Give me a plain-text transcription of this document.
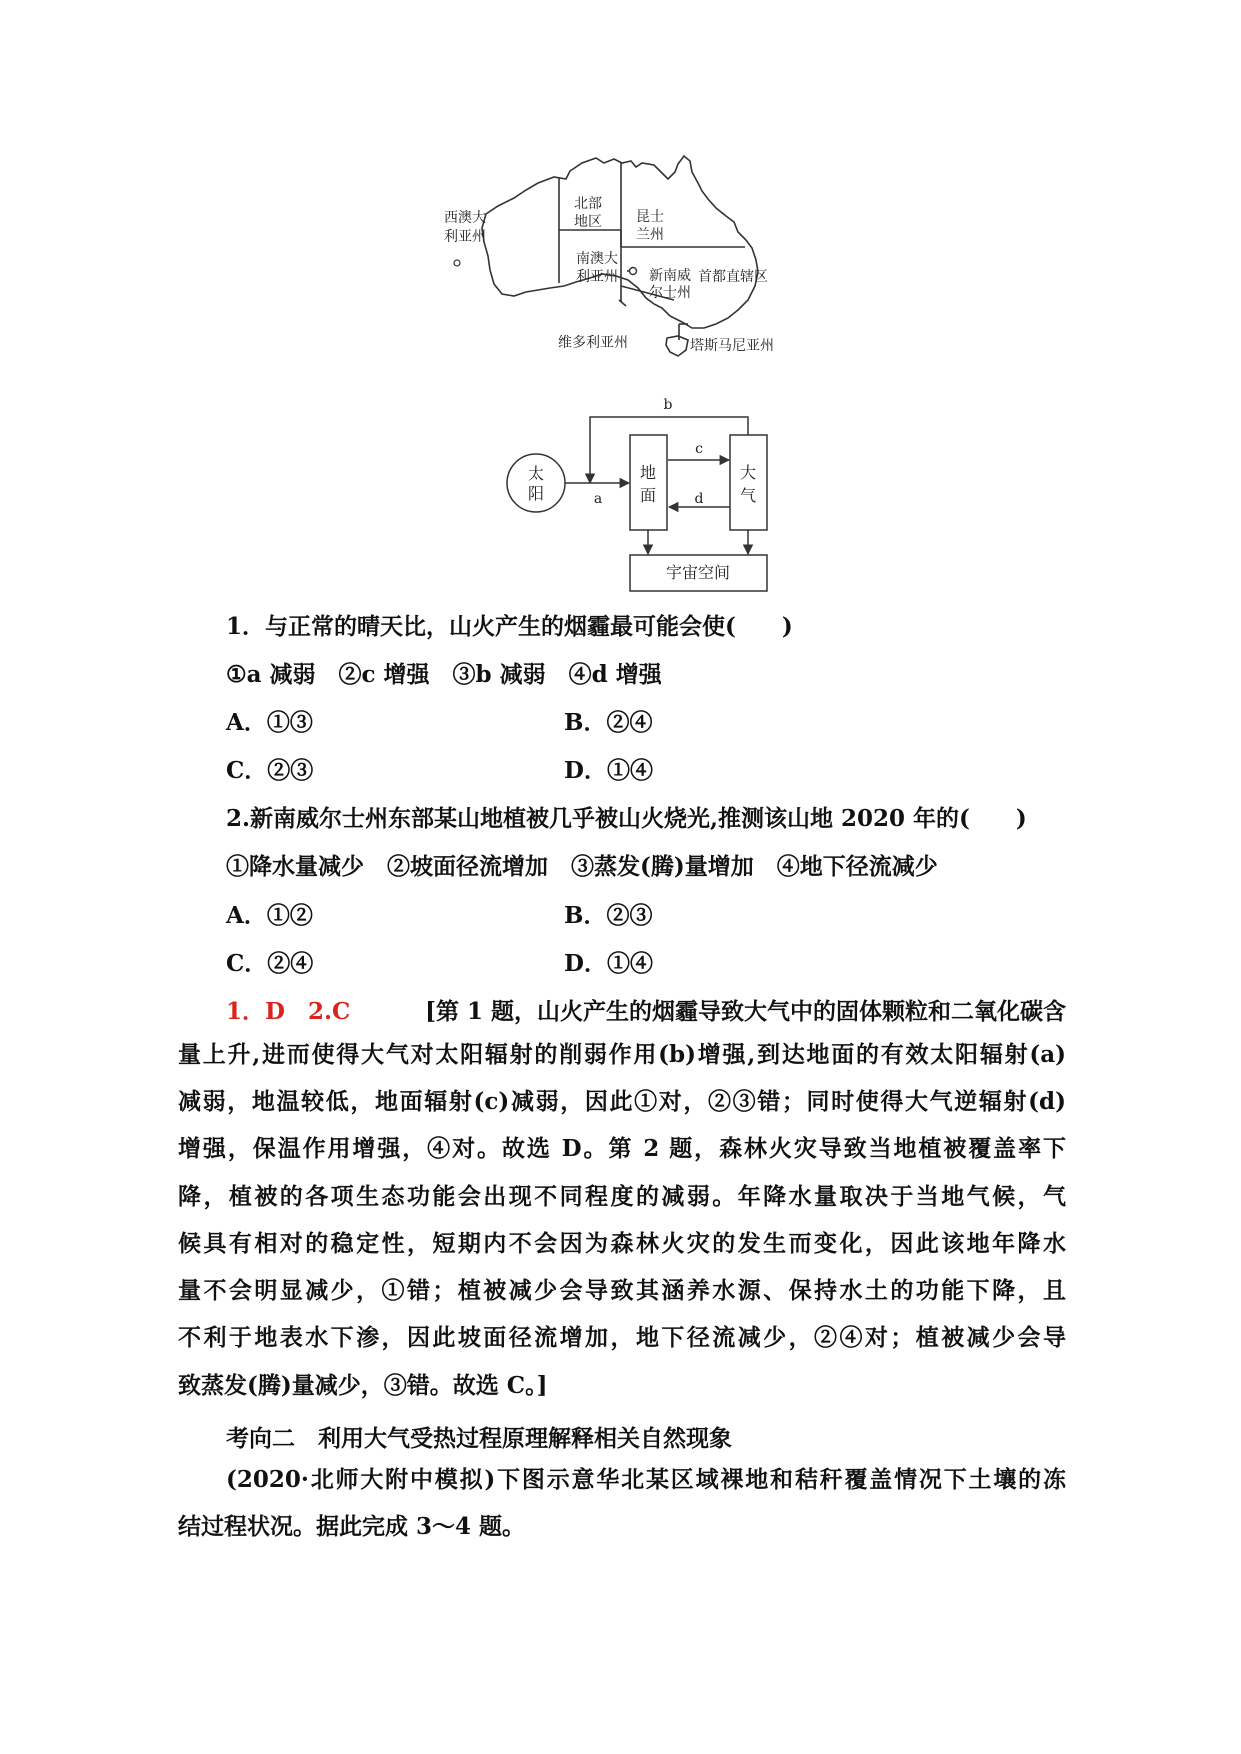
西澳大
利亚州
北部
地区 昆士
兰州
南澳大
利亚州 新南威
尔士州
首都直辖区
维多利亚州	塔斯马尼亚州
太
阳
地
面
大
气
宇宙空间
b
a
c
d
1．与正常的晴天比，山火产生的烟霾最可能会使(　　)
①a 减弱　②c 增强　③b 减弱　④d 增强
A．①③	B．②④
C．②③	D．①④
2.新南威尔士州东部某山地植被几乎被山火烧光,推测该山地 2020 年的(　　)
①降水量减少　②坡面径流增加　③蒸发(腾)量增加　④地下径流减少
A．①②	B．②③
C．②④	D．①④
1．D　2.C	[第 1 题，山火产生的烟霾导致大气中的固体颗粒和二氧化碳含
量上升,进而使得大气对太阳辐射的削弱作用(b)增强,到达地面的有效太阳辐射(a)
减弱，地温较低，地面辐射(c)减弱，因此①对，②③错；同时使得大气逆辐射(d)
增强，保温作用增强，④对。故选 D。第 2 题，森林火灾导致当地植被覆盖率下
降，植被的各项生态功能会出现不同程度的减弱。年降水量取决于当地气候，气
候具有相对的稳定性，短期内不会因为森林火灾的发生而变化，因此该地年降水
量不会明显减少，①错；植被减少会导致其涵养水源、保持水土的功能下降，且
不利于地表水下渗，因此坡面径流增加，地下径流减少，②④对；植被减少会导
致蒸发(腾)量减少，③错。故选 C。]
考向二　利用大气受热过程原理解释相关自然现象
(2020·北师大附中模拟)下图示意华北某区域裸地和秸秆覆盖情况下土壤的冻
结过程状况。据此完成 3～4 题。
